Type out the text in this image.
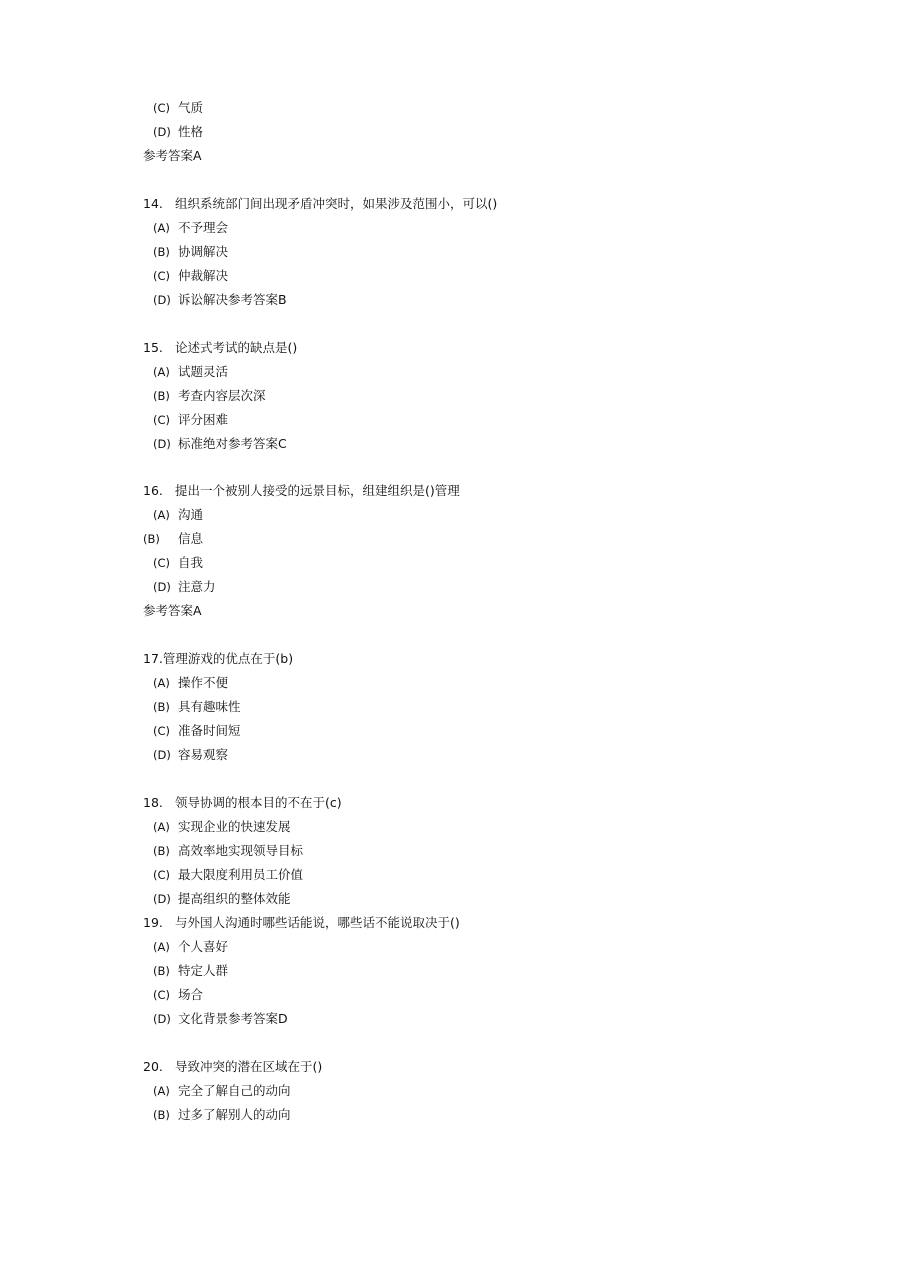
(C) 气质
(D) 性格
参考答案A
14. 组织系统部门间出现矛盾冲突时，如果涉及范围小，可以()
(A) 不予理会
(B) 协调解决
(C) 仲裁解决
(D) 诉讼解决参考答案B
15. 论述式考试的缺点是()
(A) 试题灵活
(B) 考查内容层次深
(C) 评分困难
(D) 标准绝对参考答案C
16. 提出一个被别人接受的远景目标，组建组织是()管理
(A) 沟通
(B) 信息
(C) 自我
(D) 注意力
参考答案A
17.管理游戏的优点在于(b)
(A) 操作不便
(B) 具有趣味性
(C) 准备时间短
(D) 容易观察
18. 领导协调的根本目的不在于(c)
(A) 实现企业的快速发展
(B) 高效率地实现领导目标
(C) 最大限度利用员工价值
(D) 提高组织的整体效能
19. 与外国人沟通时哪些话能说，哪些话不能说取决于()
(A) 个人喜好
(B) 特定人群
(C) 场合
(D) 文化背景参考答案D
20. 导致冲突的潜在区域在于()
(A) 完全了解自己的动向
(B) 过多了解别人的动向
